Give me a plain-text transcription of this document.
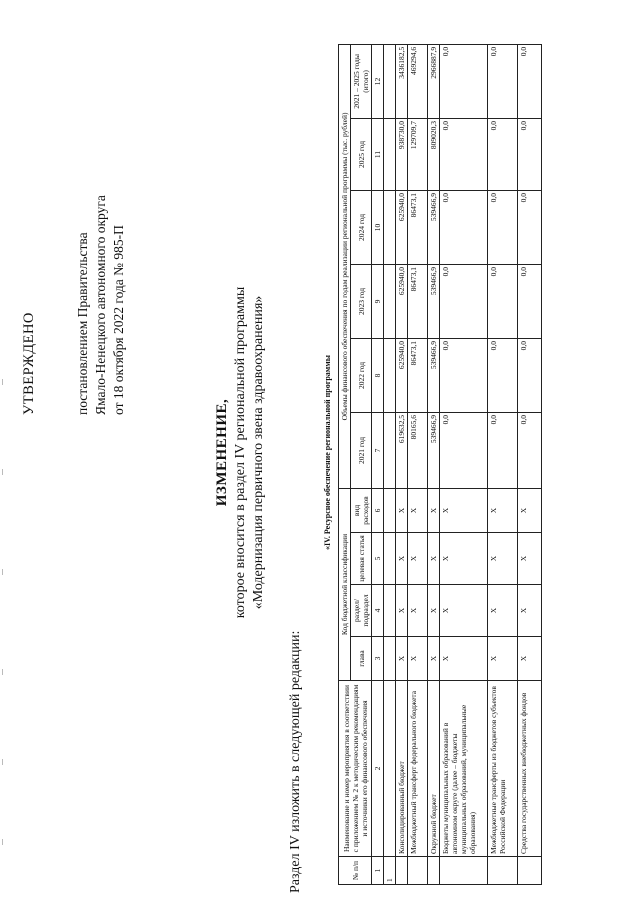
УТВЕРЖДЕНО	постановлением Правительства Ямало-Ненецкого автономного округа от 18 октября 2022 года № 985-П
ИЗМЕНЕНИЕ, которое вносится в раздел IV региональной программы «Модернизация первичного звена здравоохранения»
Раздел IV изложить в следующей редакции:
«IV. Ресурсное обеспечение региональной программы
№ п/п	Наименование и номер мероприятия в соответствии с приложением № 2 к методическим рекомендациям и источники его финансового обеспечения	Код бюджетной классификации				Объемы финансового обеспечения по годам реализации региональной программы (тыс. рублей)					
		глава	раздел/ подраздел	целевая статья	вид расходов	2021 год	2022 год	2023 год	2024 год	2025 год	2021 – 2025 годы (итого)
1	2	3	4	5	6	7	8	9	10	11	12
1											
	Консолидированный бюджет	X	X	X	X	619632,5	625940,0	625940,0	625940,0	938730,0	3436182,5
	Межбюджетный трансферт федерального бюджета	X	X	X	X	80165,6	86473,1	86473,1	86473,1	129709,7	469294,6
	Окружной бюджет	X	X	X	X	539466,9	539466,9	539466,9	539466,9	809020,3	2966887,9
	Бюджеты муниципальных образований в автономном округе (далее – бюджеты муниципальных образований, муниципальные образования)	X	X	X	X	0,0	0,0	0,0	0,0	0,0	0,0
	Межбюджетные трансферты из бюджетов субъектов Российской Федерации	X	X	X	X	0,0	0,0	0,0	0,0	0,0	0,0
	Средства государственных внебюджетных фондов	X	X	X	X	0,0	0,0	0,0	0,0	0,0	0,0
